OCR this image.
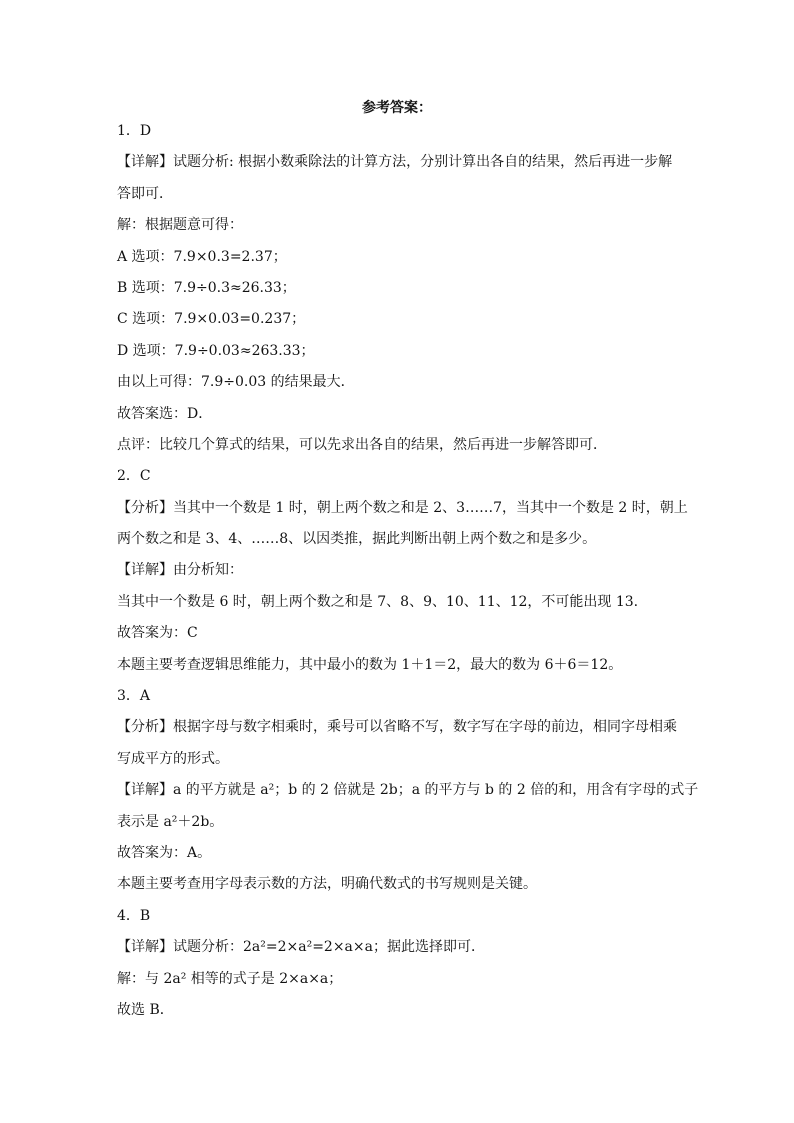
参考答案：
1．D
【详解】试题分析: 根据小数乘除法的计算方法，分别计算出各自的结果，然后再进一步解
答即可．
解：根据题意可得：
A 选项：7.9×0.3=2.37；
B 选项：7.9÷0.3≈26.33；
C 选项：7.9×0.03=0.237；
D 选项：7.9÷0.03≈263.33；
由以上可得：7.9÷0.03 的结果最大．
故答案选：D．
点评：比较几个算式的结果，可以先求出各自的结果，然后再进一步解答即可．
2．C
【分析】当其中一个数是 1 时，朝上两个数之和是 2、3……7，当其中一个数是 2 时，朝上
两个数之和是 3、4、……8、以因类推，据此判断出朝上两个数之和是多少。
【详解】由分析知：
当其中一个数是 6 时，朝上两个数之和是 7、8、9、10、11、12，不可能出现 13.
故答案为：C
本题主要考查逻辑思维能力，其中最小的数为 1＋1＝2，最大的数为 6＋6＝12。
3．A
【分析】根据字母与数字相乘时，乘号可以省略不写，数字写在字母的前边，相同字母相乘
写成平方的形式。
【详解】a 的平方就是 a²；b 的 2 倍就是 2b；a 的平方与 b 的 2 倍的和，用含有字母的式子
表示是 a²＋2b。
故答案为：A。
本题主要考查用字母表示数的方法，明确代数式的书写规则是关键。
4．B
【详解】试题分析：2a²=2×a²=2×a×a；据此选择即可．
解：与 2a² 相等的式子是 2×a×a；
故选 B．
